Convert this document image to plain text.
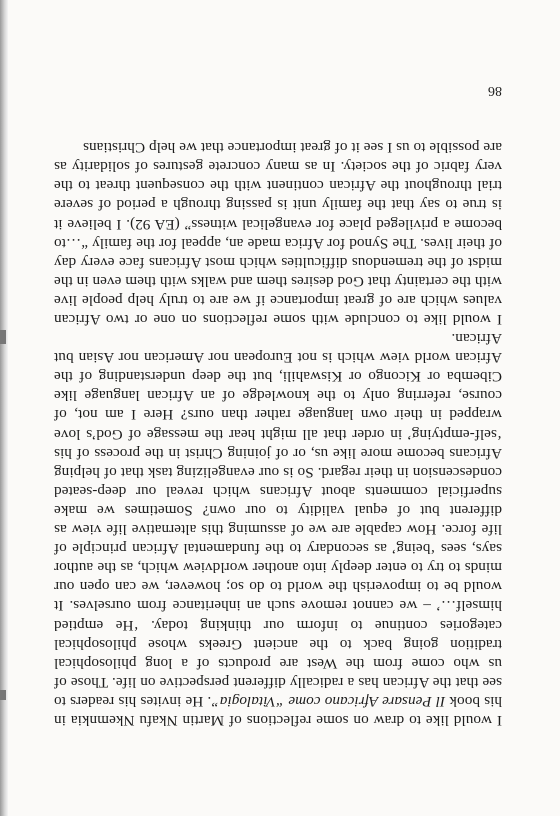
I would like to draw on some reflections of Martin Nkafu Nkemnkia in his book Il Pensare Africano come “Vitalogia”. He invites his readers to see that the African has a radically different perspective on life. Those of us who come from the West are products of a long philosophical tradition going back to the ancient Greeks whose philosophical categories continue to inform our thinking today. ‘He emptied himself…’ – we cannot remove such an inheritance from ourselves. It would be to impoverish the world to do so; however, we can open our minds to try to enter deeply into another worldview which, as the author says, sees ‘being’ as secondary to the fundamental African principle of life force. How capable are we of assuming this alternative life view as different but of equal validity to our own? Sometimes we make superficial comments about Africans which reveal our deep-seated condescension in their regard. So is our evangelizing task that of helping Africans become more like us, or of joining Christ in the process of his ‘self-emptying’ in order that all might hear the message of God’s love wrapped in their own language rather than ours? Here I am not, of course, referring only to the knowledge of an African language like Cibemba or Kicongo or Kiswahili, but the deep understanding of the African world view which is not European nor American nor Asian but African.

I would like to conclude with some reflections on one or two African values which are of great importance if we are to truly help people live with the certainty that God desires them and walks with them even in the midst of the tremendous difficulties which most Africans face every day of their lives. The Synod for Africa made an, appeal for the family “…to become a privileged place for evangelical witness” (EA 92). I believe it is true to say that the family unit is passing through a period of severe trial throughout the African continent with the consequent threat to the very fabric of the society. In as many concrete gestures of solidarity as are possible to us I see it of great importance that we help Christians

86
